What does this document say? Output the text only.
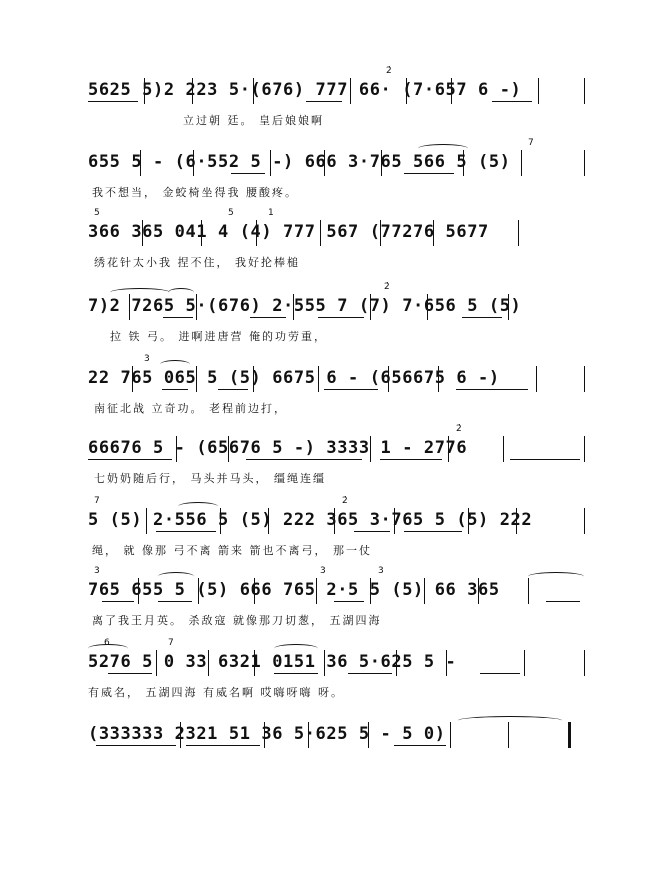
5625 5)2 223 5·(676) 777 66· (7·657 6 -)
立过朝 廷。 皇后娘娘啊
2̇
655 5 - (6·552 5 -) 666 3·765 566 5 (5)
我不想当， 金蛟椅坐得我 腰酸疼。
7
366 365 041 4 (4) 777 567 (77276 5677
绣花针太小我 捏不住， 我好抡棒槌
5	5	1
7)2 7265 5·(676) 2·555 7 (7) 7·656 5 (5)
拉 铁 弓。 进啊进唐营 俺的功劳重，
2̇
22 765 065 5 (5) 6675 6 - (656675 6 -)
南征北战 立奇功。 老程前边打，
3
66676 5 - (65676 5 -) 3333 1 - 2776
七奶奶随后行， 马头并马头， 缰绳连缰
2̇
5 (5) 2·556 5 (5) 222 365 3·765 5 (5) 222
绳， 就 像那 弓不离 箭来 箭也不离弓， 那一仗
7	2̇
765 655 5 (5) 666 765 2·5 5 (5) 66 365
离了我王月英。 杀敌寇 就像那刀切葱， 五湖四海
3	3	3
5276 5 0 33 6321 0151 36 5·625 5 -
有威名， 五湖四海 有威名啊 哎嗨呀嗨 呀。
6	7
(333333 2321 51 36 5·625 5 - 5 0)
